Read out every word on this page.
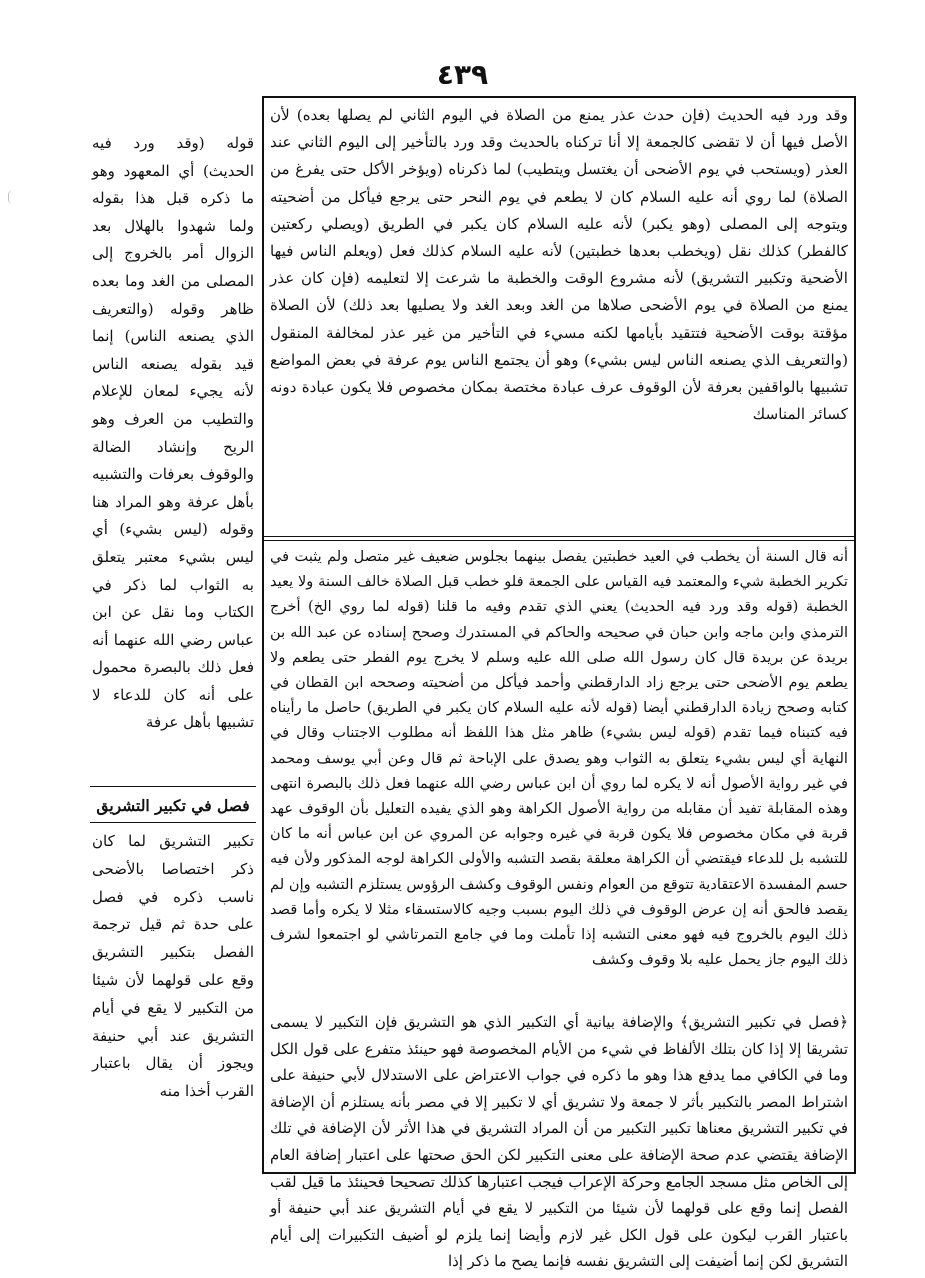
٤٣٩
وقد ورد فيه الحديث (فإن حدث عذر يمنع من الصلاة في اليوم الثاني لم يصلها بعده) لأن الأصل فيها أن لا تقضى كالجمعة إلا أنا تركناه بالحديث وقد ورد بالتأخير إلى اليوم الثاني عند العذر (ويستحب في يوم الأضحى أن يغتسل ويتطيب) لما ذكرناه (ويؤخر الأكل حتى يفرغ من الصلاة) لما روي أنه عليه السلام كان لا يطعم في يوم النحر حتى يرجع فيأكل من أضحيته ويتوجه إلى المصلى (وهو يكبر) لأنه عليه السلام كان يكبر في الطريق (ويصلي ركعتين كالفطر) كذلك نقل (ويخطب بعدها خطبتين) لأنه عليه السلام كذلك فعل (ويعلم الناس فيها الأضحية وتكبير التشريق) لأنه مشروع الوقت والخطبة ما شرعت إلا لتعليمه (فإن كان عذر يمنع من الصلاة في يوم الأضحى صلاها من الغد وبعد الغد ولا يصليها بعد ذلك) لأن الصلاة مؤقتة بوقت الأضحية فتتقيد بأيامها لكنه مسيء في التأخير من غير عذر لمخالفة المنقول (والتعريف الذي يصنعه الناس ليس بشيء) وهو أن يجتمع الناس يوم عرفة في بعض المواضع تشبيها بالواقفين بعرفة لأن الوقوف عرف عبادة مختصة بمكان مخصوص فلا يكون عبادة دونه كسائر المناسك
أنه قال السنة أن يخطب في العيد خطبتين يفصل بينهما بجلوس ضعيف غير متصل ولم يثبت في تكرير الخطبة شيء والمعتمد فيه القياس على الجمعة فلو خطب قبل الصلاة خالف السنة ولا يعيد الخطبة (قوله وقد ورد فيه الحديث) يعني الذي تقدم وفيه ما قلنا (قوله لما روي الخ) أخرج الترمذي وابن ماجه وابن حبان في صحيحه والحاكم في المستدرك وصحح إسناده عن عبد الله بن بريدة عن بريدة قال كان رسول الله صلى الله عليه وسلم لا يخرج يوم الفطر حتى يطعم ولا يطعم يوم الأضحى حتى يرجع زاد الدارقطني وأحمد فيأكل من أضحيته وصححه ابن القطان في كتابه وصحح زيادة الدارقطني أيضا (قوله لأنه عليه السلام كان يكبر في الطريق) حاصل ما رأيناه فيه كتبناه فيما تقدم (قوله ليس بشيء) ظاهر مثل هذا اللفظ أنه مطلوب الاجتناب وقال في النهاية أي ليس بشيء يتعلق به الثواب وهو يصدق على الإباحة ثم قال وعن أبي يوسف ومحمد في غير رواية الأصول أنه لا يكره لما روي أن ابن عباس رضي الله عنهما فعل ذلك بالبصرة انتهى وهذه المقابلة تفيد أن مقابله من رواية الأصول الكراهة وهو الذي يفيده التعليل بأن الوقوف عهد قربة في مكان مخصوص فلا يكون قربة في غيره وجوابه عن المروي عن ابن عباس أنه ما كان للتشبه بل للدعاء فيقتضي أن الكراهة معلقة بقصد التشبه والأولى الكراهة لوجه المذكور ولأن فيه حسم المفسدة الاعتقادية تتوقع من العوام ونفس الوقوف وكشف الرؤوس يستلزم التشبه وإن لم يقصد فالحق أنه إن عرض الوقوف في ذلك اليوم بسبب وجيه كالاستسقاء مثلا لا يكره وأما قصد ذلك اليوم بالخروج فيه فهو معنى التشبه إذا تأملت وما في جامع التمرتاشي لو اجتمعوا لشرف ذلك اليوم جاز يحمل عليه بلا وقوف وكشف
﴿فصل في تكبير التشريق﴾ والإضافة بيانية أي التكبير الذي هو التشريق فإن التكبير لا يسمى تشريقا إلا إذا كان بتلك الألفاظ في شيء من الأيام المخصوصة فهو حينئذ متفرع على قول الكل وما في الكافي مما يدفع هذا وهو ما ذكره في جواب الاعتراض على الاستدلال لأبي حنيفة على اشتراط المصر بالتكبير بأثر لا جمعة ولا تشريق أي لا تكبير إلا في مصر بأنه يستلزم أن الإضافة في تكبير التشريق معناها تكبير التكبير من أن المراد التشريق في هذا الأثر لأن الإضافة في تلك الإضافة يقتضي عدم صحة الإضافة على معنى التكبير لكن الحق صحتها على اعتبار إضافة العام إلى الخاص مثل مسجد الجامع وحركة الإعراب فيجب اعتبارها كذلك تصحيحا فحينئذ ما قيل لقب الفصل إنما وقع على قولهما لأن شيئا من التكبير لا يقع في أيام التشريق عند أبي حنيفة أو باعتبار القرب ليكون على قول الكل غير لازم وأيضا إنما يلزم لو أضيف التكبيرات إلى أيام التشريق لكن إنما أضيفت إلى التشريق نفسه فإنما يصح ما ذكر إذا
قوله (وقد ورد فيه الحديث) أي المعهود وهو ما ذكره قبل هذا بقوله ولما شهدوا بالهلال بعد الزوال أمر بالخروج إلى المصلى من الغد وما بعده ظاهر وقوله (والتعريف الذي يصنعه الناس) إنما قيد بقوله يصنعه الناس لأنه يجيء لمعان للإعلام والتطيب من العرف وهو الريح وإنشاد الضالة والوقوف بعرفات والتشبيه بأهل عرفة وهو المراد هنا وقوله (ليس بشيء) أي ليس بشيء معتبر يتعلق به الثواب لما ذكر في الكتاب وما نقل عن ابن عباس رضي الله عنهما أنه فعل ذلك بالبصرة محمول على أنه كان للدعاء لا تشبيها بأهل عرفة
فصل في تكبير التشريق
تكبير التشريق لما كان ذكر اختصاصا بالأضحى ناسب ذكره في فصل على حدة ثم قيل ترجمة الفصل بتكبير التشريق وقع على قولهما لأن شيئا من التكبير لا يقع في أيام التشريق عند أبي حنيفة ويجوز أن يقال باعتبار القرب أخذا منه
